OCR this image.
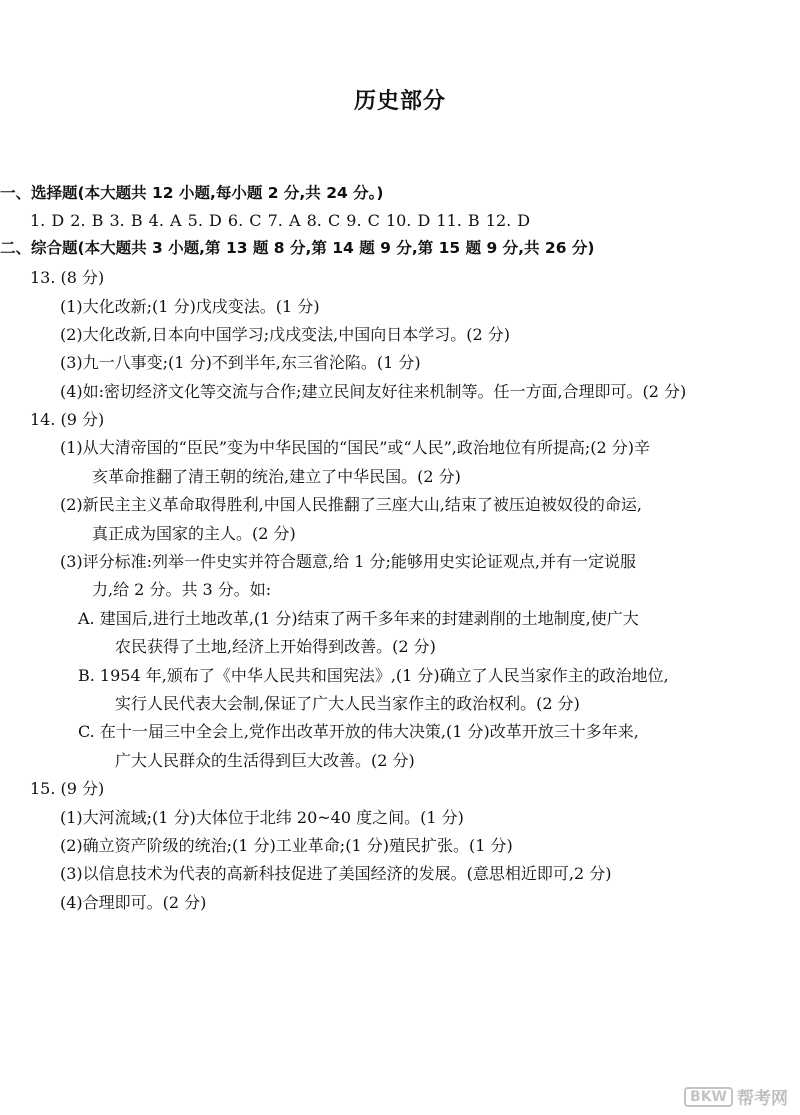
历史部分
一、选择题(本大题共 12 小题,每小题 2 分,共 24 分。)
1. D 2. B 3. B 4. A 5. D 6. C 7. A 8. C 9. C 10. D 11. B 12. D
二、综合题(本大题共 3 小题,第 13 题 8 分,第 14 题 9 分,第 15 题 9 分,共 26 分)
13. (8 分)
(1)大化改新;(1 分)戊戌变法。(1 分)
(2)大化改新,日本向中国学习;戊戌变法,中国向日本学习。(2 分)
(3)九一八事变;(1 分)不到半年,东三省沦陷。(1 分)
(4)如:密切经济文化等交流与合作;建立民间友好往来机制等。任一方面,合理即可。(2 分)
14. (9 分)
(1)从大清帝国的“臣民”变为中华民国的“国民”或“人民”,政治地位有所提高;(2 分)辛
亥革命推翻了清王朝的统治,建立了中华民国。(2 分)
(2)新民主主义革命取得胜利,中国人民推翻了三座大山,结束了被压迫被奴役的命运,
真正成为国家的主人。(2 分)
(3)评分标准:列举一件史实并符合题意,给 1 分;能够用史实论证观点,并有一定说服
力,给 2 分。共 3 分。如:
A. 建国后,进行土地改革,(1 分)结束了两千多年来的封建剥削的土地制度,使广大
农民获得了土地,经济上开始得到改善。(2 分)
B. 1954 年,颁布了《中华人民共和国宪法》,(1 分)确立了人民当家作主的政治地位,
实行人民代表大会制,保证了广大人民当家作主的政治权利。(2 分)
C. 在十一届三中全会上,党作出改革开放的伟大决策,(1 分)改革开放三十多年来,
广大人民群众的生活得到巨大改善。(2 分)
15. (9 分)
(1)大河流域;(1 分)大体位于北纬 20~40 度之间。(1 分)
(2)确立资产阶级的统治;(1 分)工业革命;(1 分)殖民扩张。(1 分)
(3)以信息技术为代表的高新科技促进了美国经济的发展。(意思相近即可,2 分)
(4)合理即可。(2 分)
BKW 帮考网
